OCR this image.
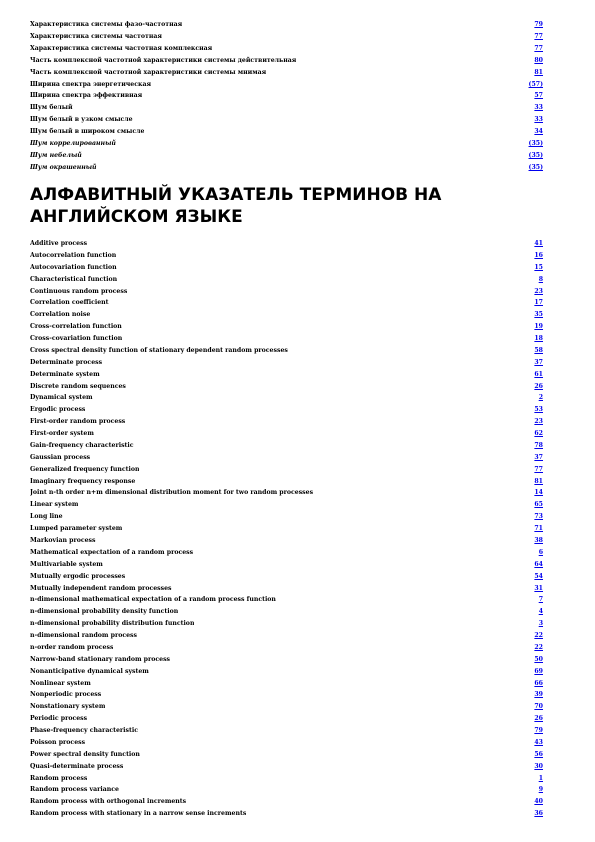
Характеристика системы фазо-частотная	79
Характеристика системы частотная	77
Характеристика системы частотная комплексная	77
Часть комплексной частотной характеристики системы действительная	80
Часть комплексной частотной характеристики системы мнимая	81
Ширина спектра энергетическая	(57)
Ширина спектра эффективная	57
Шум белый	33
Шум белый в узком смысле	33
Шум белый в широком смысле	34
Шум коррелированный	(35)
Шум небелый	(35)
Шум окрашенный	(35)
АЛФАВИТНЫЙ УКАЗАТЕЛЬ ТЕРМИНОВ НА АНГЛИЙСКОМ ЯЗЫКЕ
Additive process	41
Autocorrelation function	16
Autocovariation function	15
Characteristical function	8
Continuous random process	23
Correlation coefficient	17
Correlation noise	35
Cross-correlation function	19
Cross-covariation function	18
Cross spectral density function of stationary dependent random processes	58
Determinate process	37
Determinate system	61
Discrete random sequences	26
Dynamical system	2
Ergodic process	53
First-order random process	23
First-order system	62
Gain-frequency characteristic	78
Gaussian process	37
Generalized frequency function	77
Imaginary frequency response	81
Joint n-th order n+m dimensional distribution moment for two random processes	14
Linear system	65
Long line	73
Lumped parameter system	71
Markovian process	38
Mathematical expectation of a random process	6
Multivariable system	64
Mutually ergodic processes	54
Mutually independent random processes	31
n-dimensional mathematical expectation of a random process function	7
n-dimensional probability density function	4
n-dimensional probability distribution function	3
n-dimensional random process	22
n-order random process	22
Narrow-band stationary random process	50
Nonanticipative dynamical system	69
Nonlinear system	66
Nonperiodic process	39
Nonstationary system	70
Periodic process	26
Phase-frequency characteristic	79
Poisson process	43
Power spectral density function	56
Quasi-determinate process	30
Random process	1
Random process variance	9
Random process with orthogonal increments	40
Random process with stationary in a narrow sense increments	36
